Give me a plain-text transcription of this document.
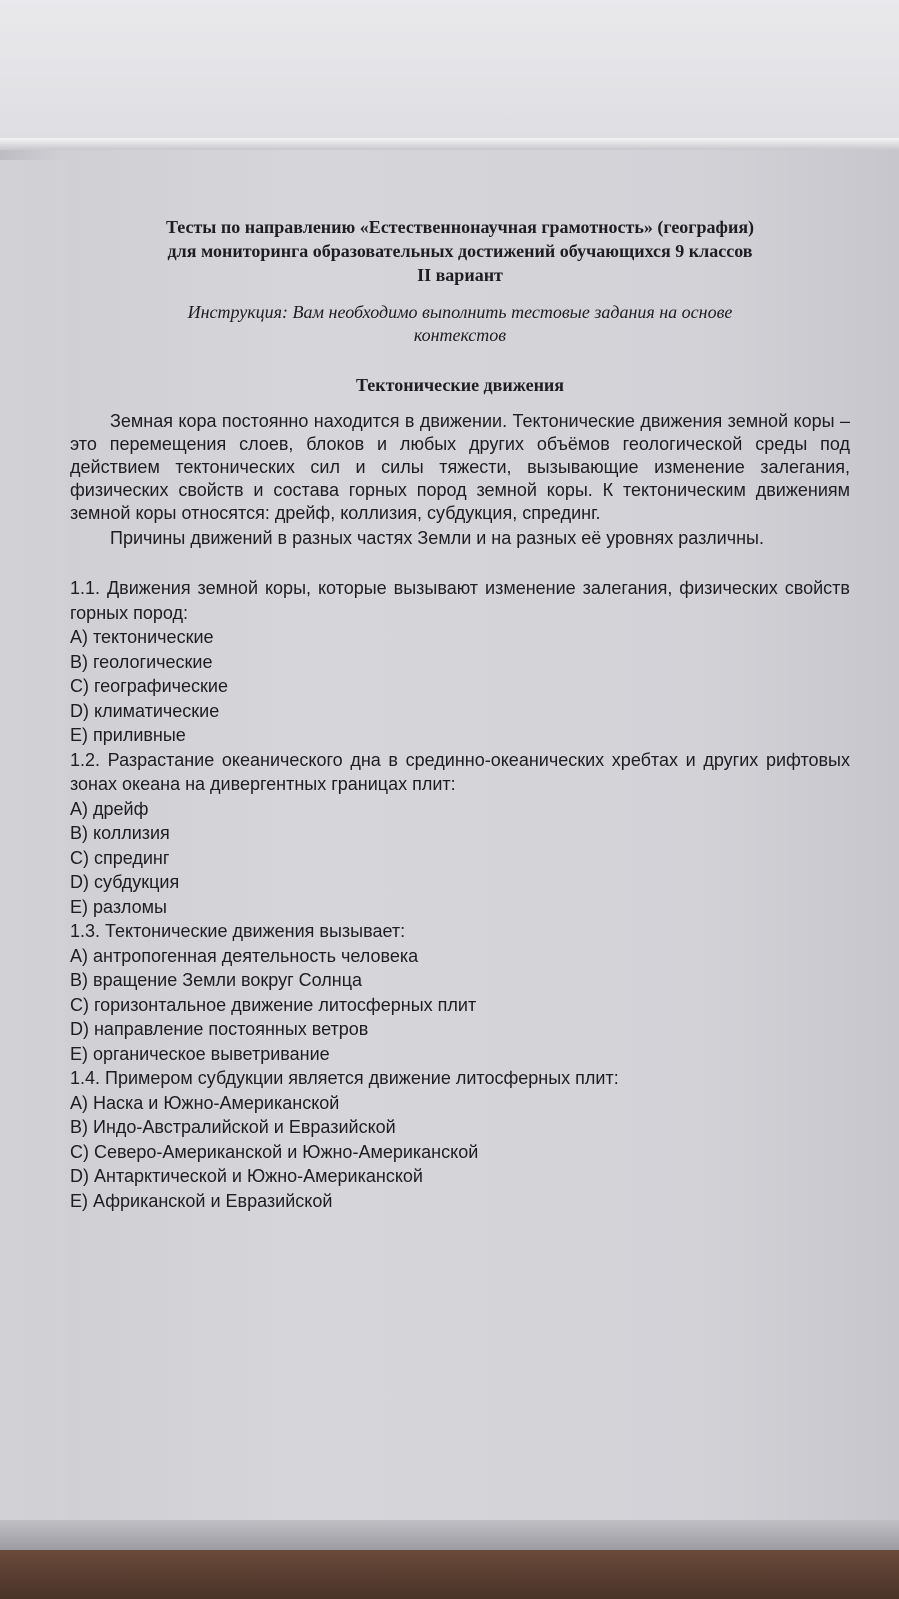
Тесты по направлению «Естественнонаучная грамотность» (география)
для мониторинга образовательных достижений обучающихся 9 классов
II вариант
Инструкция: Вам необходимо выполнить тестовые задания на основе
контекстов
Тектонические движения
Земная кора постоянно находится в движении. Тектонические движения земной коры – это перемещения слоев, блоков и любых других объёмов геологической среды под действием тектонических сил и силы тяжести, вызывающие изменение залегания, физических свойств и состава горных пород земной коры. К тектоническим движениям земной коры относятся: дрейф, коллизия, субдукция, спрединг.
Причины движений в разных частях Земли и на разных её уровнях различны.
1.1. Движения земной коры, которые вызывают изменение залегания, физических свойств горных пород:
A) тектонические
B) геологические
C) географические
D) климатические
E) приливные
1.2. Разрастание океанического дна в срединно-океанических хребтах и других рифтовых зонах океана на дивергентных границах плит:
A) дрейф
B) коллизия
C) спрединг
D) субдукция
E) разломы
1.3. Тектонические движения вызывает:
A) антропогенная деятельность человека
B) вращение Земли вокруг Солнца
C) горизонтальное движение литосферных плит
D) направление постоянных ветров
E) органическое выветривание
1.4. Примером субдукции является движение литосферных плит:
A) Наска и Южно-Американской
B) Индо-Австралийской и Евразийской
C) Северо-Американской и Южно-Американской
D) Антарктической и Южно-Американской
E) Африканской и Евразийской
